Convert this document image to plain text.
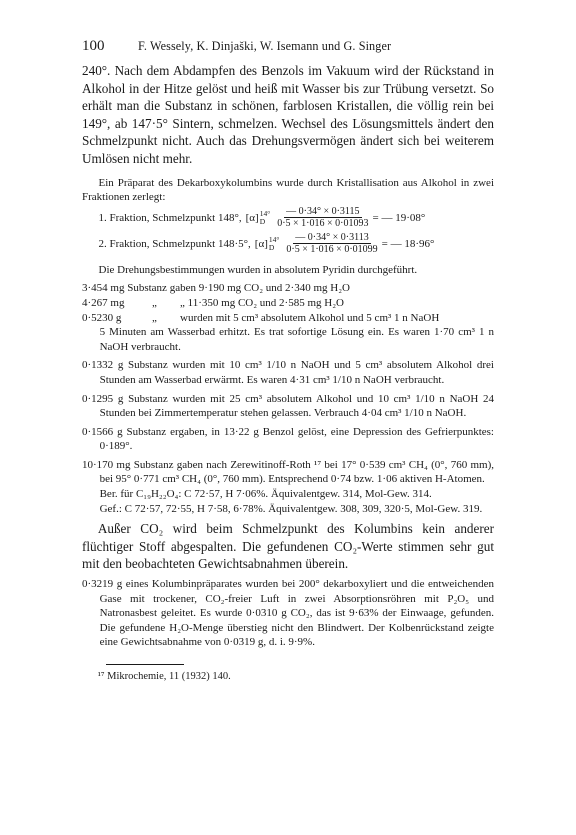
100	F. Wessely, K. Dinjaški, W. Isemann und G. Singer

240°. Nach dem Abdampfen des Benzols im Vakuum wird der Rückstand in Alkohol in der Hitze gelöst und heiß mit Wasser bis zur Trübung versetzt. So erhält man die Substanz in schönen, farblosen Kristallen, die völlig rein bei 149°, ab 147·5° Sintern, schmelzen. Wechsel des Lösungsmittels ändert den Schmelzpunkt nicht. Auch das Drehungsvermögen ändert sich bei weiterem Umlösen nicht mehr.

Ein Präparat des Dekarboxykolumbins wurde durch Kristallisation aus Alkohol in zwei Fraktionen zerlegt:

1. Fraktion, Schmelzpunkt 148°, [α] 14°
D	$\frac{— 0\cdot 34^\circ \times 0\cdot 3115}{0\cdot 5 \times 1\cdot 016 \times 0\cdot 01093}$ = — 19·08°
2. Fraktion, Schmelzpunkt 148·5°, [α] 14°
D	$\frac{— 0\cdot 34^\circ \times 0\cdot 3113}{0\cdot 5 \times 1\cdot 016 \times 0\cdot 01099}$ = — 18·96°

Die Drehungsbestimmungen wurden in absolutem Pyridin durchgeführt.

3·454 mg Substanz gaben 9·190 mg CO₂ und 2·340 mg H₂O
4·267 mg	„	„ 11·350 mg CO₂ und 2·585 mg H₂O
0·5230 g	„	wurden mit 5 cm³ absolutem Alkohol und 5 cm³ 1 n NaOH

5 Minuten am Wasserbad erhitzt. Es trat sofortige Lösung ein. Es waren 1·70 cm³ 1 n NaOH verbraucht.

0·1332 g Substanz wurden mit 10 cm³ 1/10 n NaOH und 5 cm³ absolutem Alkohol drei Stunden am Wasserbad erwärmt. Es waren 4·31 cm³ 1/10 n NaOH verbraucht.

0·1295 g Substanz wurden mit 25 cm³ absolutem Alkohol und 10 cm³ 1/10 n NaOH 24 Stunden bei Zimmertemperatur stehen gelassen. Verbrauch 4·04 cm³ 1/10 n NaOH.

0·1566 g Substanz ergaben, in 13·22 g Benzol gelöst, eine Depression des Gefrierpunktes: 0·189°.

10·170 mg Substanz gaben nach Zerewitinoff-Roth ¹⁷ bei 17° 0·539 cm³ CH₄ (0°, 760 mm), bei 95° 0·771 cm³ CH₄ (0°, 760 mm). Entsprechend 0·74 bzw. 1·06 aktiven H-Atomen.

Ber. für C₁₉H₂₂O₄: C 72·57, H 7·06%. Äquivalentgew. 314, Mol-Gew. 314.

Gef.: C 72·57, 72·55, H 7·58, 6·78%. Äquivalentgew. 308, 309, 320·5, Mol-Gew. 319.

Außer CO₂ wird beim Schmelzpunkt des Kolumbins kein anderer flüchtiger Stoff abgespalten. Die gefundenen CO₂-Werte stimmen sehr gut mit den beobachteten Gewichtsabnahmen überein.

0·3219 g eines Kolumbinpräparates wurden bei 200° dekarboxyliert und die entweichenden Gase mit trockener, CO₂-freier Luft in zwei Absorptionsröhren mit P₂O₅ und Natronasbest geleitet. Es wurde 0·0310 g CO₂, das ist 9·63% der Einwaage, gefunden. Die gefundene H₂O-Menge überstieg nicht den Blindwert. Der Kolbenrückstand zeigte eine Gewichtsabnahme von 0·0319 g, d. i. 9·9%.

¹⁷ Mikrochemie, 11 (1932) 140.
